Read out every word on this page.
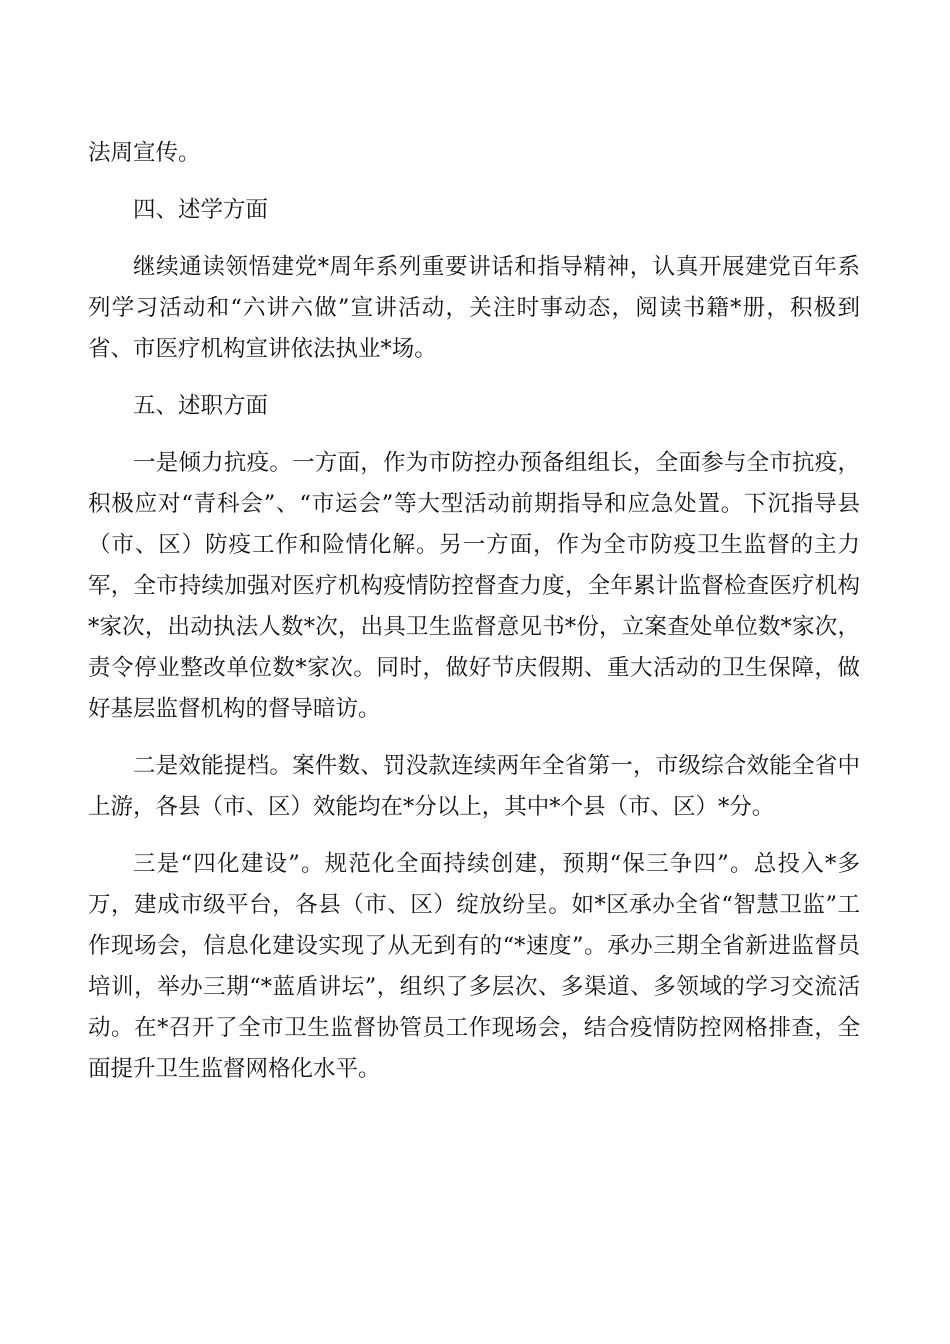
法周宣传。

四、述学方面

继续通读领悟建党*周年系列重要讲话和指导精神，认真开展建党百年系列学习活动和“六讲六做”宣讲活动，关注时事动态，阅读书籍*册，积极到省、市医疗机构宣讲依法执业*场。

五、述职方面

一是倾力抗疫。一方面，作为市防控办预备组组长，全面参与全市抗疫，积极应对“青科会”、“市运会”等大型活动前期指导和应急处置。下沉指导县（市、区）防疫工作和险情化解。另一方面，作为全市防疫卫生监督的主力军，全市持续加强对医疗机构疫情防控督查力度，全年累计监督检查医疗机构*家次，出动执法人数*次，出具卫生监督意见书*份，立案查处单位数*家次，责令停业整改单位数*家次。同时，做好节庆假期、重大活动的卫生保障，做好基层监督机构的督导暗访。

二是效能提档。案件数、罚没款连续两年全省第一，市级综合效能全省中上游，各县（市、区）效能均在*分以上，其中*个县（市、区）*分。

三是“四化建设”。规范化全面持续创建，预期“保三争四”。总投入*多万，建成市级平台，各县（市、区）绽放纷呈。如*区承办全省“智慧卫监”工作现场会，信息化建设实现了从无到有的“*速度”。承办三期全省新进监督员培训，举办三期“*蓝盾讲坛”，组织了多层次、多渠道、多领域的学习交流活动。在*召开了全市卫生监督协管员工作现场会，结合疫情防控网格排查，全面提升卫生监督网格化水平。
